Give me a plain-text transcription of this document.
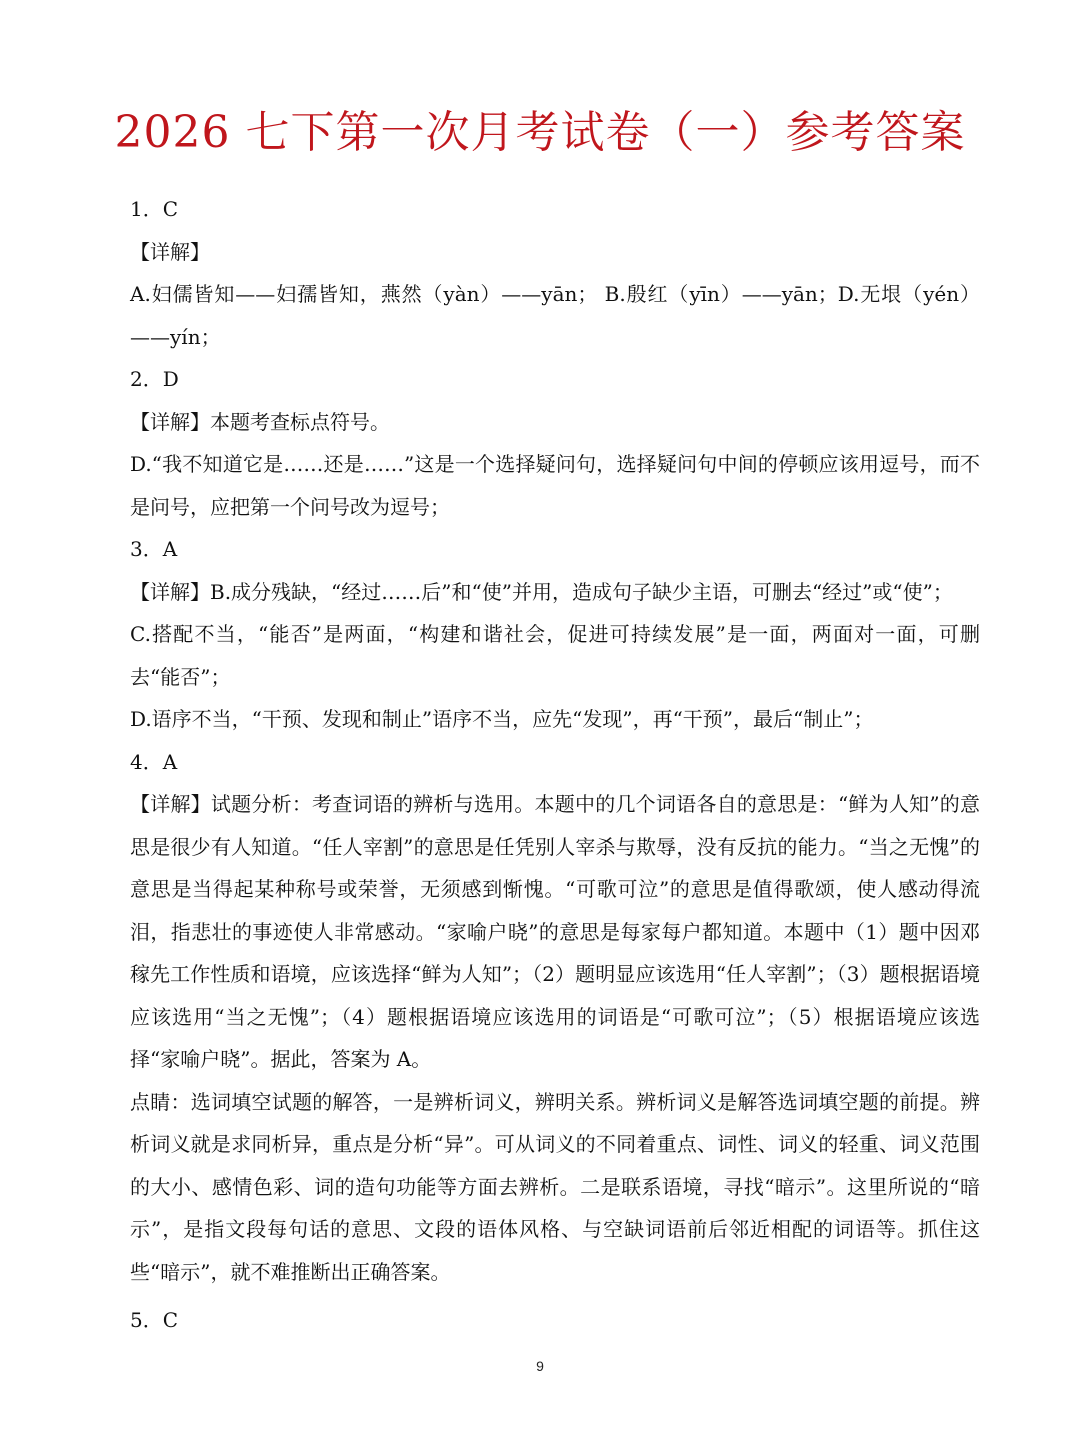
2026 七下第一次月考试卷（一）参考答案

1．C

【详解】

A.妇儒皆知——妇孺皆知，燕然（yàn）——yān； B.殷红（yīn）——yān；D.无垠（yén）——yín；

2．D

【详解】本题考查标点符号。

D.“我不知道它是……还是……”这是一个选择疑问句，选择疑问句中间的停顿应该用逗号，而不是问号，应把第一个问号改为逗号；

3．A

【详解】B.成分残缺，“经过……后”和“使”并用，造成句子缺少主语，可删去“经过”或“使”；

C.搭配不当，“能否”是两面，“构建和谐社会，促进可持续发展”是一面，两面对一面，可删去“能否”；

D.语序不当，“干预、发现和制止”语序不当，应先“发现”，再“干预”，最后“制止”；

4．A

【详解】试题分析：考查词语的辨析与选用。本题中的几个词语各自的意思是：“鲜为人知”的意思是很少有人知道。“任人宰割”的意思是任凭别人宰杀与欺辱，没有反抗的能力。“当之无愧”的意思是当得起某种称号或荣誉，无须感到惭愧。“可歌可泣”的意思是值得歌颂，使人感动得流泪，指悲壮的事迹使人非常感动。“家喻户晓”的意思是每家每户都知道。本题中（1）题中因邓稼先工作性质和语境，应该选择“鲜为人知”；（2）题明显应该选用“任人宰割”；（3）题根据语境应该选用“当之无愧”；（4）题根据语境应该选用的词语是“可歌可泣”；（5）根据语境应该选择“家喻户晓”。据此，答案为 A。

点睛：选词填空试题的解答，一是辨析词义，辨明关系。辨析词义是解答选词填空题的前提。辨析词义就是求同析异，重点是分析“异”。可从词义的不同着重点、词性、词义的轻重、词义范围的大小、感情色彩、词的造句功能等方面去辨析。二是联系语境，寻找“暗示”。这里所说的“暗示”，是指文段每句话的意思、文段的语体风格、与空缺词语前后邻近相配的词语等。抓住这些“暗示”，就不难推断出正确答案。

5．C

9
